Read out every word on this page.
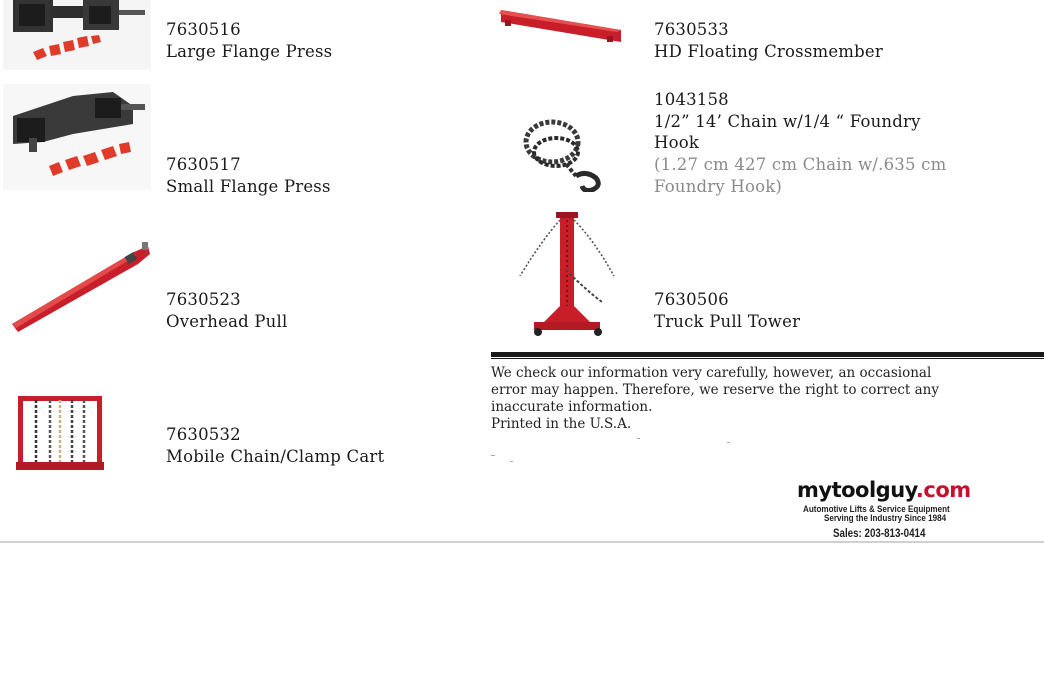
7630516
Large Flange Press
7630517
Small Flange Press
7630523
Overhead Pull
7630532
Mobile Chain/Clamp Cart
7630533
HD Floating Crossmember
1043158
1/2” 14’ Chain w/1/4 “ Foundry
Hook
(1.27 cm 427 cm Chain w/.635 cm
Foundry Hook)
7630506
Truck Pull Tower
We check our information very carefully, however, an occasional
error may happen. Therefore, we reserve the right to correct any
inaccurate information.
Printed in the U.S.A.
mytoolguy.com
Automotive Lifts & Service Equipment
Serving the Industry Since 1984
Sales: 203-813-0414
